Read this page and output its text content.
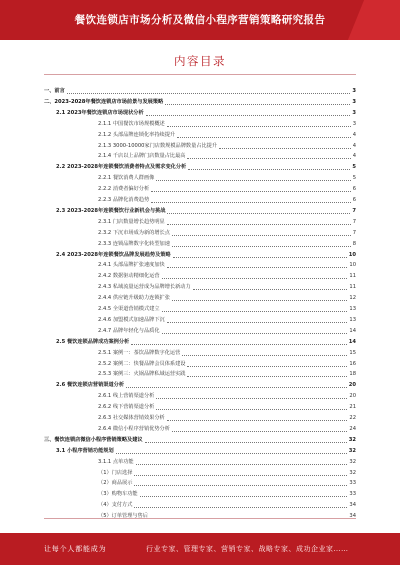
餐饮连锁店市场分析及微信小程序营销策略研究报告
内容目录
一、前言	3
二、2023-2028年餐饮连锁店市场前景与发展策略	3
2.1 2023年餐饮连锁店市场现状分析	3
2.1.1 中国餐饮市场规模概述	3
2.1.2 头部品牌连锁化率持续提升	4
2.1.3 3000-10000家门店数规模品牌数量占比提升	4
2.1.4 千店以上品牌门店数量占比最高	4
2.2 2023-2028年连锁餐饮消费者特点及需求变化分析	5
2.2.1 餐饮消费人群画像	5
2.2.2 消费者偏好分析	6
2.2.3 品牌化消费趋势	6
2.3 2023-2028年连锁餐饮行业新机会与挑战	7
2.3.1 门店数量增长趋势明显	7
2.3.2 下沉市场成为新的增长点	7
2.3.3 连锁品牌数字化转型加速	8
2.4 2023-2028年连锁餐饮品牌发展趋势及策略	10
2.4.1 头部品牌扩张速度加快	10
2.4.2 数据驱动精细化运营	11
2.4.3 私域流量运营成为品牌增长新动力	11
2.4.4 供应链升级助力连锁扩张	12
2.4.5 全渠道营销模式建立	13
2.4.6 加盟模式加速品牌下沉	13
2.4.7 品牌年轻化与品质化	14
2.5 餐饮连锁品牌成功案例分析	14
2.5.1 案例一：茶饮品牌数字化运营	15
2.5.2 案例二：快餐品牌会员体系建设	16
2.5.3 案例三：火锅品牌私域运营实践	18
2.6 餐饮连锁店营销渠道分析	20
2.6.1 线上营销渠道分析	20
2.6.2 线下营销渠道分析	21
2.6.3 社交媒体营销效果分析	22
2.6.4 微信小程序营销优势分析	24
三、餐饮连锁店微信小程序营销策略及建议	32
3.1 小程序营销功能规划	32
3.1.1 点单功能	32
（1）门店选择	32
（2）商品展示	33
（3）购物车功能	33
（4）支付方式	34
（5）订单管理与售后	34
让每个人都能成为	行业专家、管理专家、营销专家、战略专家、成功企业家……
